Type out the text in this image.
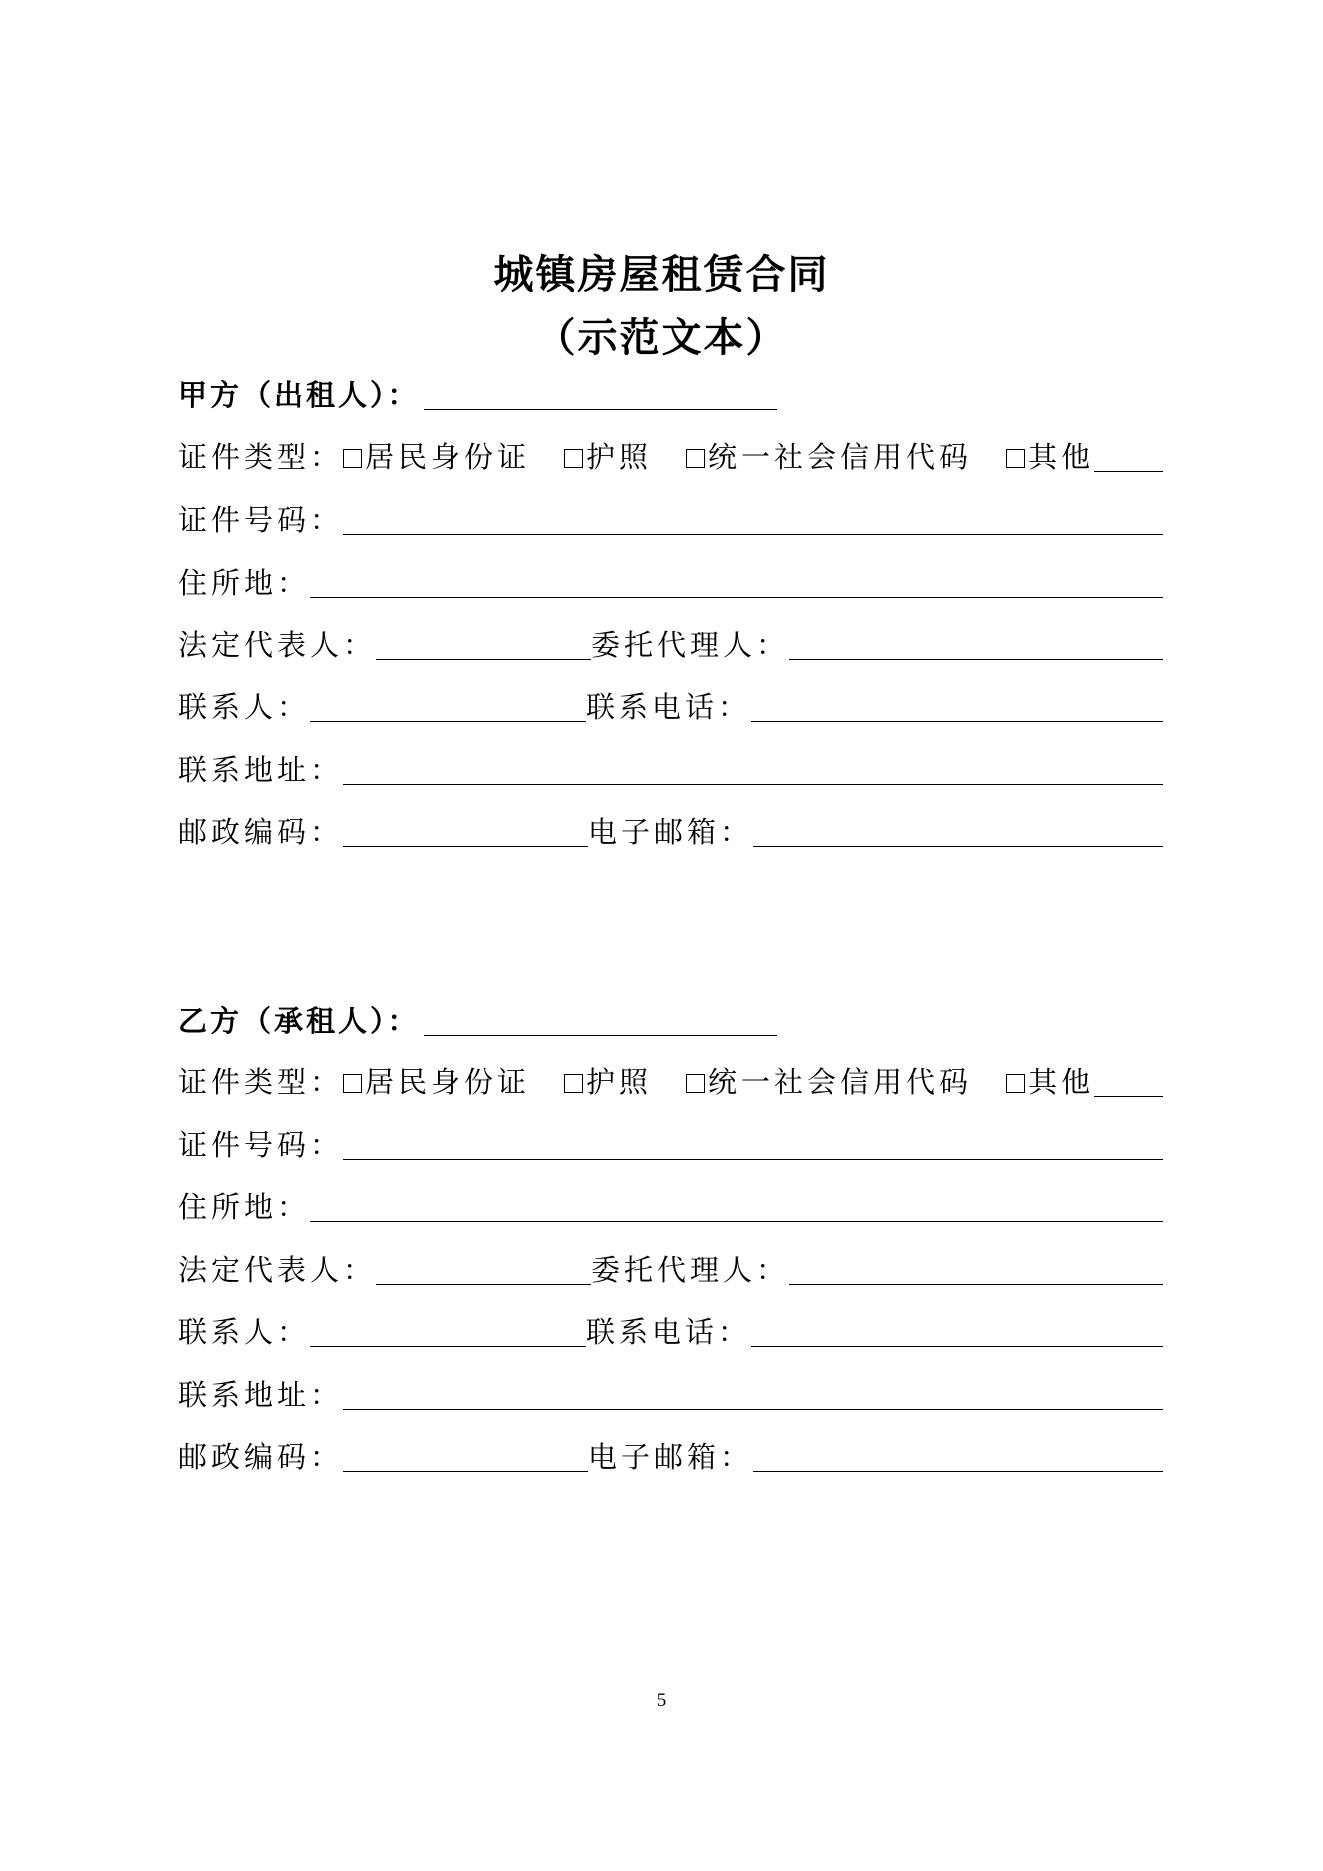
城镇房屋租赁合同
（示范文本）
甲方（出租人）：
证件类型： 居民身份证 护照 统一社会信用代码 其他
证件号码：
住所地：
法定代表人：	委托代理人：
联系人：	联系电话：
联系地址：
邮政编码：	电子邮箱：
乙方（承租人）：
证件类型： 居民身份证 护照 统一社会信用代码 其他
证件号码：
住所地：
法定代表人：	委托代理人：
联系人：	联系电话：
联系地址：
邮政编码：	电子邮箱：
5
